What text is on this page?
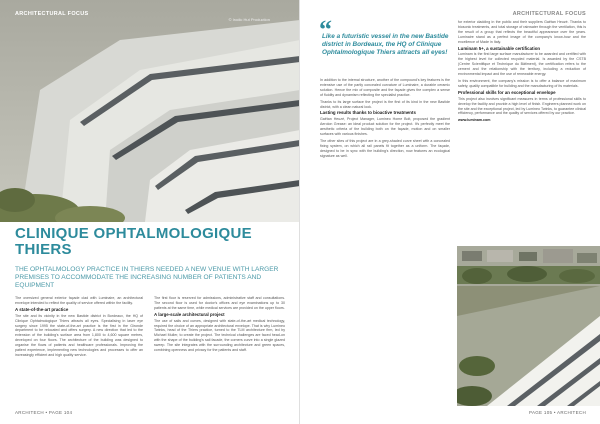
ARCHITECTURAL FOCUS
© Irodic Hut Production
CLINIQUE OPHTALMOLOGIQUE THIERS

THE OPHTALMOLOGY PRACTICE IN THIERS NEEDED A NEW VENUE WITH LARGER PREMISES TO ACCOMMODATE THE INCREASING NUMBER OF PATIENTS AND EQUIPMENT

The oversized general exterior façade clad with Luminaire, an architectural envelope intended to reflect the quality of service offered within the facility.

A state-of-the-art practice

The site and its vicinity in the new Bastide district in Bordeaux, the HQ of Clinique Ophtalmologique Thiers attracts all eyes. Specialising in laser eye surgery since 1995 the state-of-the-art practice is the first in the Gironde department to be relocated and offers surgery. A new direction that led to the extension of the building's surface area from 1,800 to 4,600 square metres, developed on four floors. The architecture of the building was designed to organise the flows of patients and healthcare professionals. Improving the patient experience, implementing new technologies and processes to offer an increasingly efficient and high quality service.

The first floor is reserved for admissions, administrative staff and consultations. The second floor is used for doctor's offices and eye examinations up to 30 patients at the same time, while medical services are provided on the upper floors.

A large-scale architectural project

The use of sails and curves, designed with state-of-the-art medical technology, required the choice of an appropriate architectural envelope. That is why Lumineo Twinks, head of the Thiers practice, turned to the TLM architecture firm, led by Michael Muller, to create the project. The technical challenges are faced head-on with the shape of the building's sail facade, the corners curve into a single glazed sweep. The site integrates with the surrounding architecture and green spaces, combining openness and privacy for the patients and staff.

ARCHITECH • PAGE 104
ARCHITECTURAL FOCUS
“

Like a futuristic vessel in the new Bastide district in Bordeaux, the HQ of Clinique Ophtalmologique Thiers attracts all eyes!

In addition to the internal structure, another of the compound's key features is the extensive use of the partly concealed curvature of Luminaire, a durable ceramic solution. Hence the mix of composite and the façade gives the complex a sense of fluidity and dynamism reflecting the specialist practice.

Thanks to its large surface the project is the first of its kind in the new Bastide district, with a clean natural look.

Lasting results thanks to bioactive treatments

Gaëtan Heuzé, Project Manager, Lumineo Home Bolt, proposed the gradient Aerolon Grease: an ideal product solution for the project. It's perfectly meet the aesthetic criteria of the building both on the façade, motion and on smaller surfaces with various finishes.

The other sites of this project are in a grey-shaded curve sheet with a concealed fixing system, on which all rail panels fit together as a uniform. The façade, designed to be in sync with the building's direction, now features an ecological signature as well.

for exterior cladding in the public and their suppliers Gaëtan Heuzé. Thanks to biosonic treatments, and total storage of rainwater through the ventilation, this is the result of a group that reflects the beautiful appearance over the years. Luminaire stand as a perfect image of the company's know-how and the excellence of Made in Italy.

Luminam 5+, a sustainable certification

Luminam is the first large surface manufacturer to be awarded and certified with the highest level for collected recycled material. Is awarded by the CSTB (Centre Scientifique et Technique du Bâtiment), the certification refers to the cement and the relationship with the territory, including a reduction of environmental impact and the use of renewable energy.

In this environment, the company's mission is to offer a balance of maximum safety, quality compatible for building and the manufacturing of its materials.

Professional skills for an exceptional envelope

This project also involves significant measures in terms of professional skills to develop the facility and provide a high level of finish. Engineers planned work on the site and the exceptional project, led by Lumineo Twinks, to guarantee clinical efficiency, performance and the quality of services offered by our practice.

www.luminam.com

PAGE 105 • ARCHITECH
